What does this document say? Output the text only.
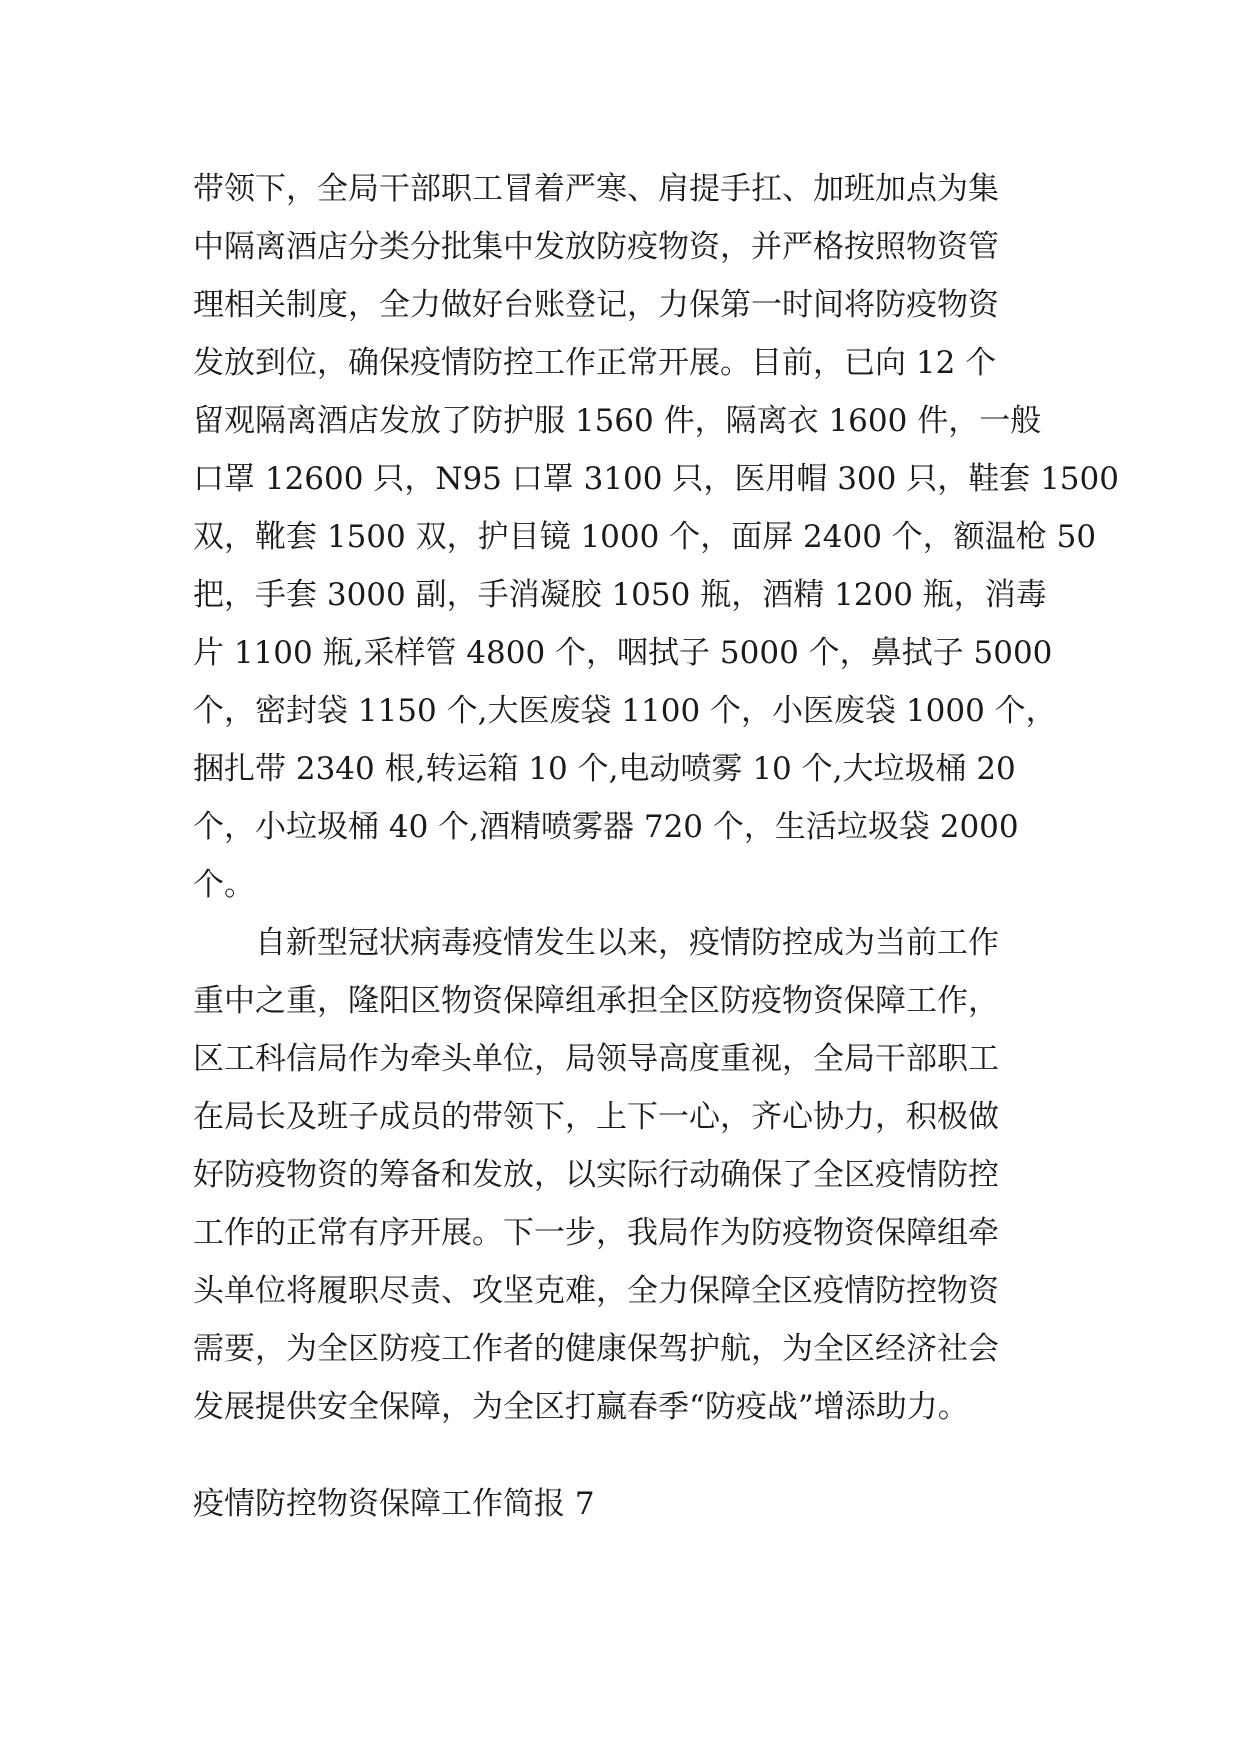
带领下，全局干部职工冒着严寒、肩提手扛、加班加点为集
中隔离酒店分类分批集中发放防疫物资，并严格按照物资管
理相关制度，全力做好台账登记，力保第一时间将防疫物资
发放到位，确保疫情防控工作正常开展。目前，已向 12 个
留观隔离酒店发放了防护服 1560 件，隔离衣 1600 件，一般
口罩 12600 只，N95 口罩 3100 只，医用帽 300 只，鞋套 1500
双，靴套 1500 双，护目镜 1000 个，面屏 2400 个，额温枪 50
把，手套 3000 副，手消凝胶 1050 瓶，酒精 1200 瓶，消毒
片 1100 瓶,采样管 4800 个，咽拭子 5000 个，鼻拭子 5000
个，密封袋 1150 个,大医废袋 1100 个，小医废袋 1000 个，
捆扎带 2340 根,转运箱 10 个,电动喷雾 10 个,大垃圾桶 20
个，小垃圾桶 40 个,酒精喷雾器 720 个，生活垃圾袋 2000
个。

　　自新型冠状病毒疫情发生以来，疫情防控成为当前工作
重中之重，隆阳区物资保障组承担全区防疫物资保障工作，
区工科信局作为牵头单位，局领导高度重视，全局干部职工
在局长及班子成员的带领下，上下一心，齐心协力，积极做
好防疫物资的筹备和发放，以实际行动确保了全区疫情防控
工作的正常有序开展。下一步，我局作为防疫物资保障组牵
头单位将履职尽责、攻坚克难，全力保障全区疫情防控物资
需要，为全区防疫工作者的健康保驾护航，为全区经济社会
发展提供安全保障，为全区打赢春季“防疫战”增添助力。

疫情防控物资保障工作简报 7
